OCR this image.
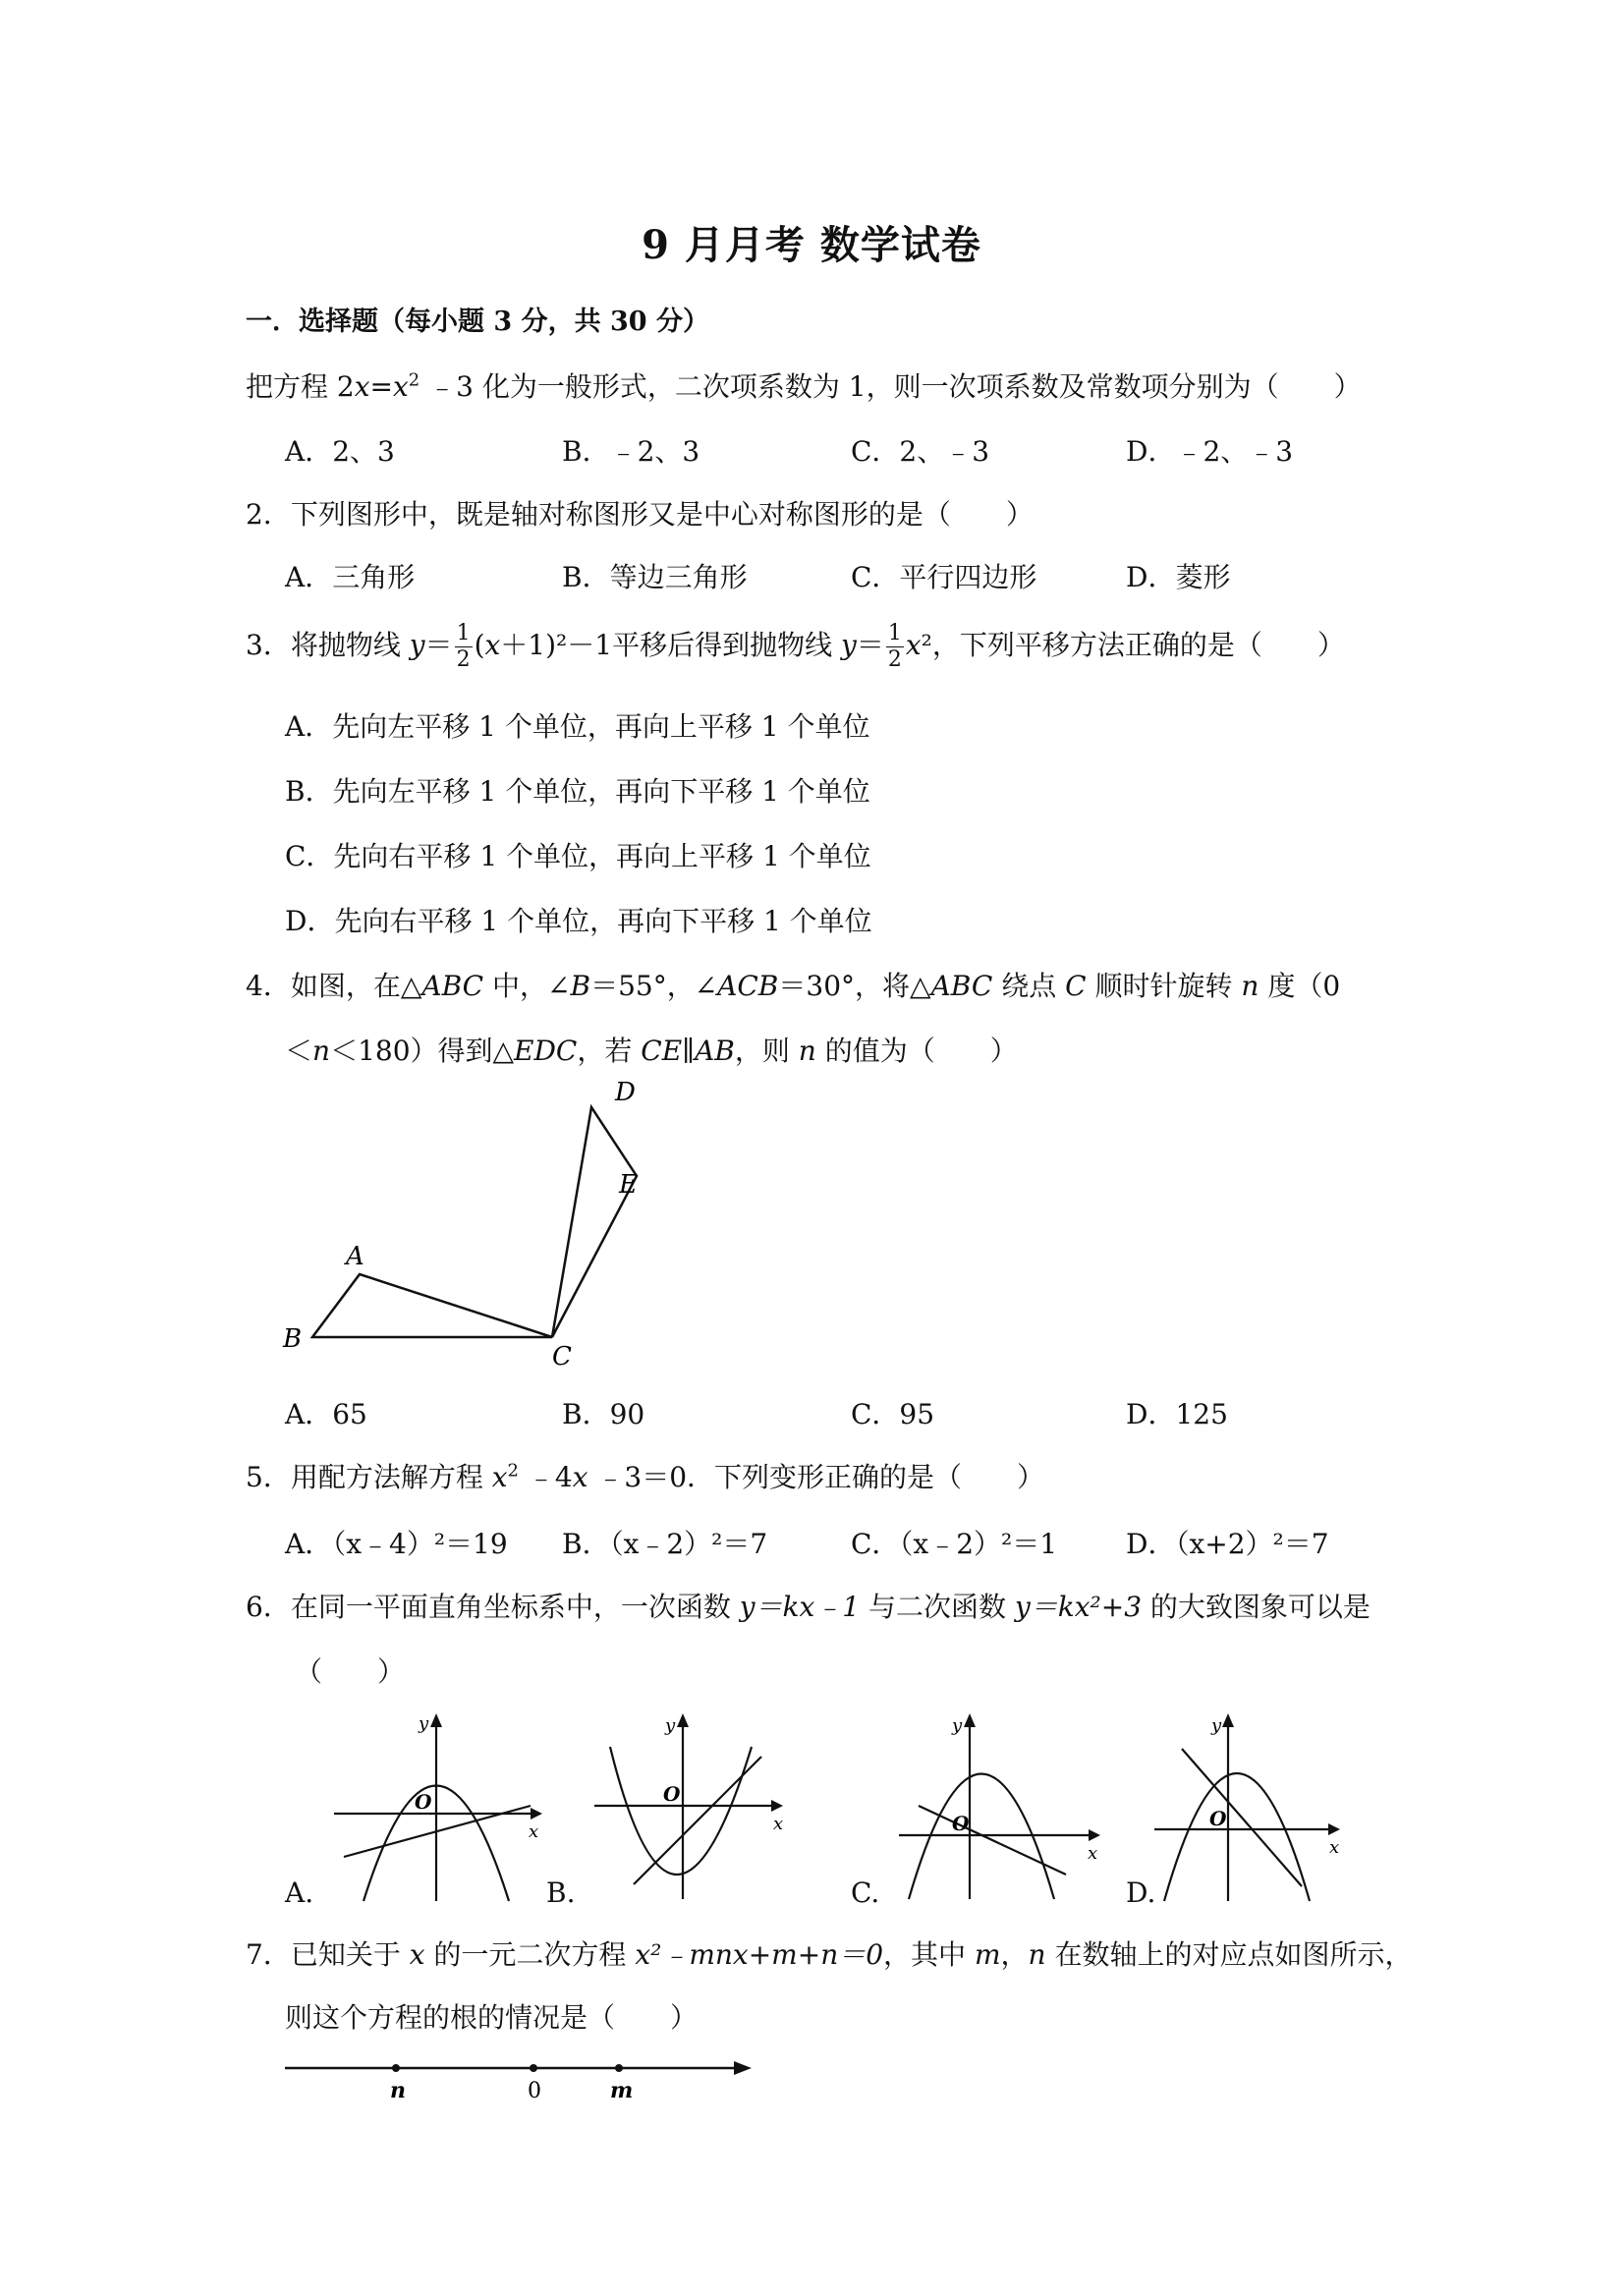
9 月月考 数学试卷
一．选择题（每小题 3 分，共 30 分）
把方程 $2x=x^2$ ﹣3 化为一般形式，二次项系数为 1，则一次项系数及常数项分别为（　　）
A．2、3	B．﹣2、3	C．2、﹣3	D．﹣2、﹣3
2．下列图形中，既是轴对称图形又是中心对称图形的是（　　）
A．三角形	B．等边三角形	C．平行四边形	D．菱形
3．将抛物线 $y= \frac{1}{2} (x+1)^2-1$平移后得到抛物线 $y= \frac{1}{2} x^2$，下列平移方法正确的是（　　）
A．先向左平移 1 个单位，再向上平移 1 个单位
B．先向左平移 1 个单位，再向下平移 1 个单位
C．先向右平移 1 个单位，再向上平移 1 个单位
D．先向右平移 1 个单位，再向下平移 1 个单位
4．如图，在△ABC 中，∠B＝55°，∠ACB＝30°，将△ABC 绕点 C 顺时针旋转 n 度（0
＜n＜180）得到△EDC，若 CE∥AB，则 n 的值为（　　）
B
A
C
E
D
A．65	B．90	C．95	D．125
5．用配方法解方程 $x^2$ ﹣4x ﹣3＝0．下列变形正确的是（　　）
A．（x﹣4）²＝19 B．（x﹣2）²＝7	C．（x﹣2）²＝1 D．（x+2）²＝7
6．在同一平面直角坐标系中，一次函数 y＝kx﹣1 与二次函数 y＝kx²+3 的大致图象可以是
（　　）
O
y
x
A.
O
y
x
B.
O
y
x
C.
O
y
x
D.
7．已知关于 x 的一元二次方程 x²﹣mnx+m+n＝0，其中 m，n 在数轴上的对应点如图所示，
则这个方程的根的情况是（　　）
n	0	m
